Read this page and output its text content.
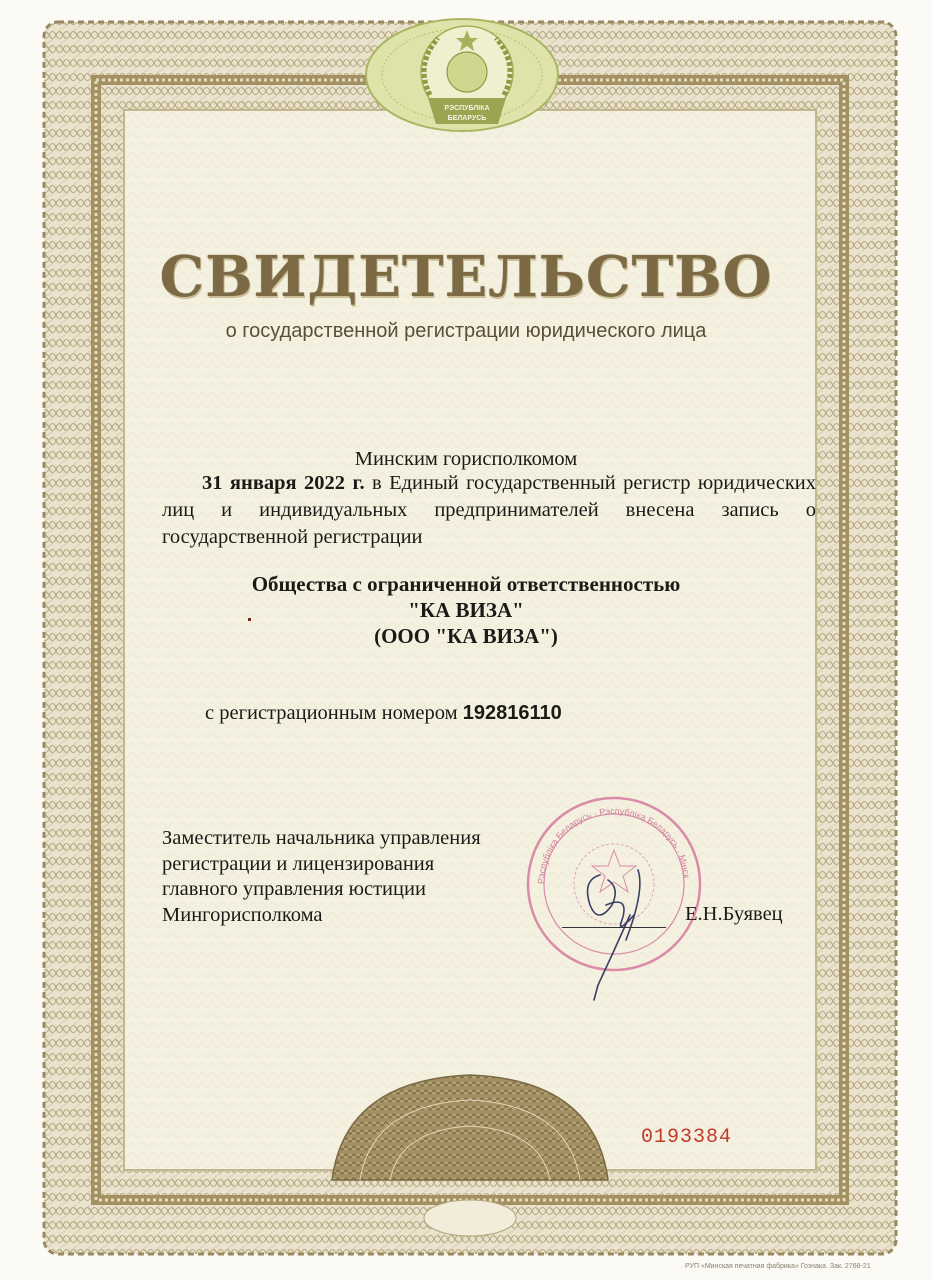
РЭСПУБЛІКА
БЕЛАРУСЬ
Рэспубліка Беларусь · Рэспубліка Беларусь · Мінск
СВИДЕТЕЛЬСТВО
о государственной регистрации юридического лица
Минским горисполкомом
31 января 2022 г. в Единый государственный регистр юридических лиц и индивидуальных предпринимателей внесена запись о государственной регистрации
Общества с ограниченной ответственностью
"КА ВИЗА"
(ООО "КА ВИЗА")
с регистрационным номером 192816110
Заместитель начальника управления
регистрации и лицензирования
главного управления юстиции
Мингорисполкома	Е.Н.Буявец
0193384
РУП «Минская печатная фабрика» Гознака. Зак. 2768-21
